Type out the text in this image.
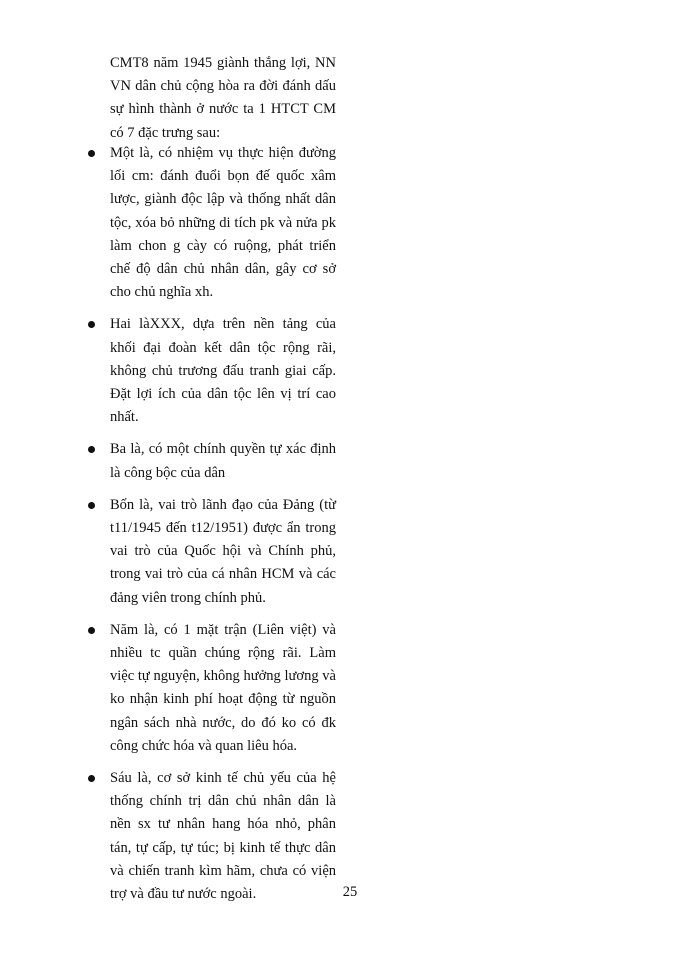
CMT8 năm 1945 giành thắng lợi, NN VN dân chủ cộng hòa ra đời đánh dấu sự hình thành ở nước ta 1 HTCT CM có 7 đặc trưng sau:
Một là, có nhiệm vụ thực hiện đường lối cm: đánh đuổi bọn đế quốc xâm lược, giành độc lập và thống nhất dân tộc, xóa bỏ những di tích pk và nửa pk làm chon g cày có ruộng, phát triển chế độ dân chủ nhân dân, gây cơ sở cho chủ nghĩa xh.
Hai làXXX, dựa trên nền tảng của khối đại đoàn kết dân tộc rộng rãi, không chủ trương đấu tranh giai cấp. Đặt lợi ích của dân tộc lên vị trí cao nhất.
Ba là, có một chính quyền tự xác định là công bộc của dân
Bốn là, vai trò lãnh đạo của Đảng (từ t11/1945 đến t12/1951) được ẩn trong vai trò của Quốc hội và Chính phủ, trong vai trò của cá nhân HCM và các đảng viên trong chính phủ.
Năm là, có 1 mặt trận (Liên việt) và nhiều tc quần chúng rộng rãi. Làm việc tự nguyện, không hưởng lương và ko nhận kinh phí hoạt động từ nguồn ngân sách nhà nước, do đó ko có đk công chức hóa và quan liêu hóa.
Sáu là, cơ sở kinh tế chủ yếu của hệ thống chính trị dân chủ nhân dân là nền sx tư nhân hang hóa nhỏ, phân tán, tự cấp, tự túc; bị kinh tế thực dân và chiến tranh kìm hãm, chưa có viện trợ và đầu tư nước ngoài.	25
